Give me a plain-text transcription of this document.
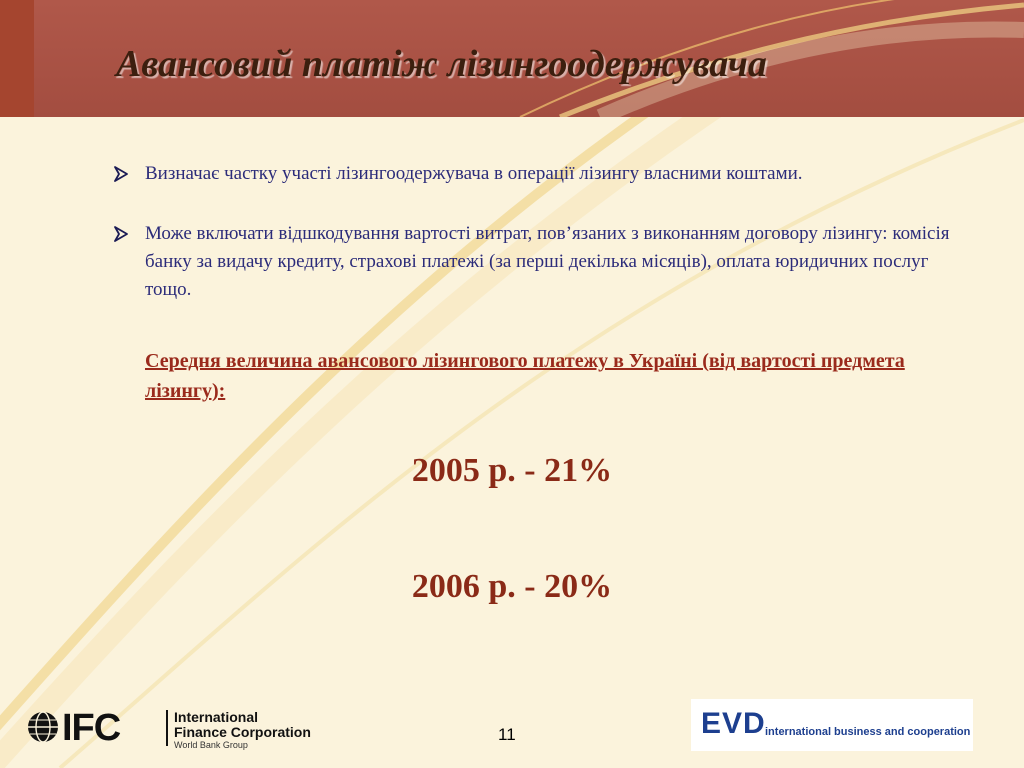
Авансовий платіж лізингоодержувача
Визначає частку участі лізингоодержувача в операції лізингу власними коштами.
Може включати відшкодування вартості витрат, пов’язаних з виконанням договору лізингу: комісія банку за видачу кредиту, страхові платежі (за перші декілька місяців), оплата юридичних послуг тощо.
Середня величина авансового лізингового платежу в Україні (від вартості предмета лізингу):
2005 р. - 21%
2006 р. - 20%
IFC	International
Finance Corporation
World Bank Group
11	EVD international business and cooperation
